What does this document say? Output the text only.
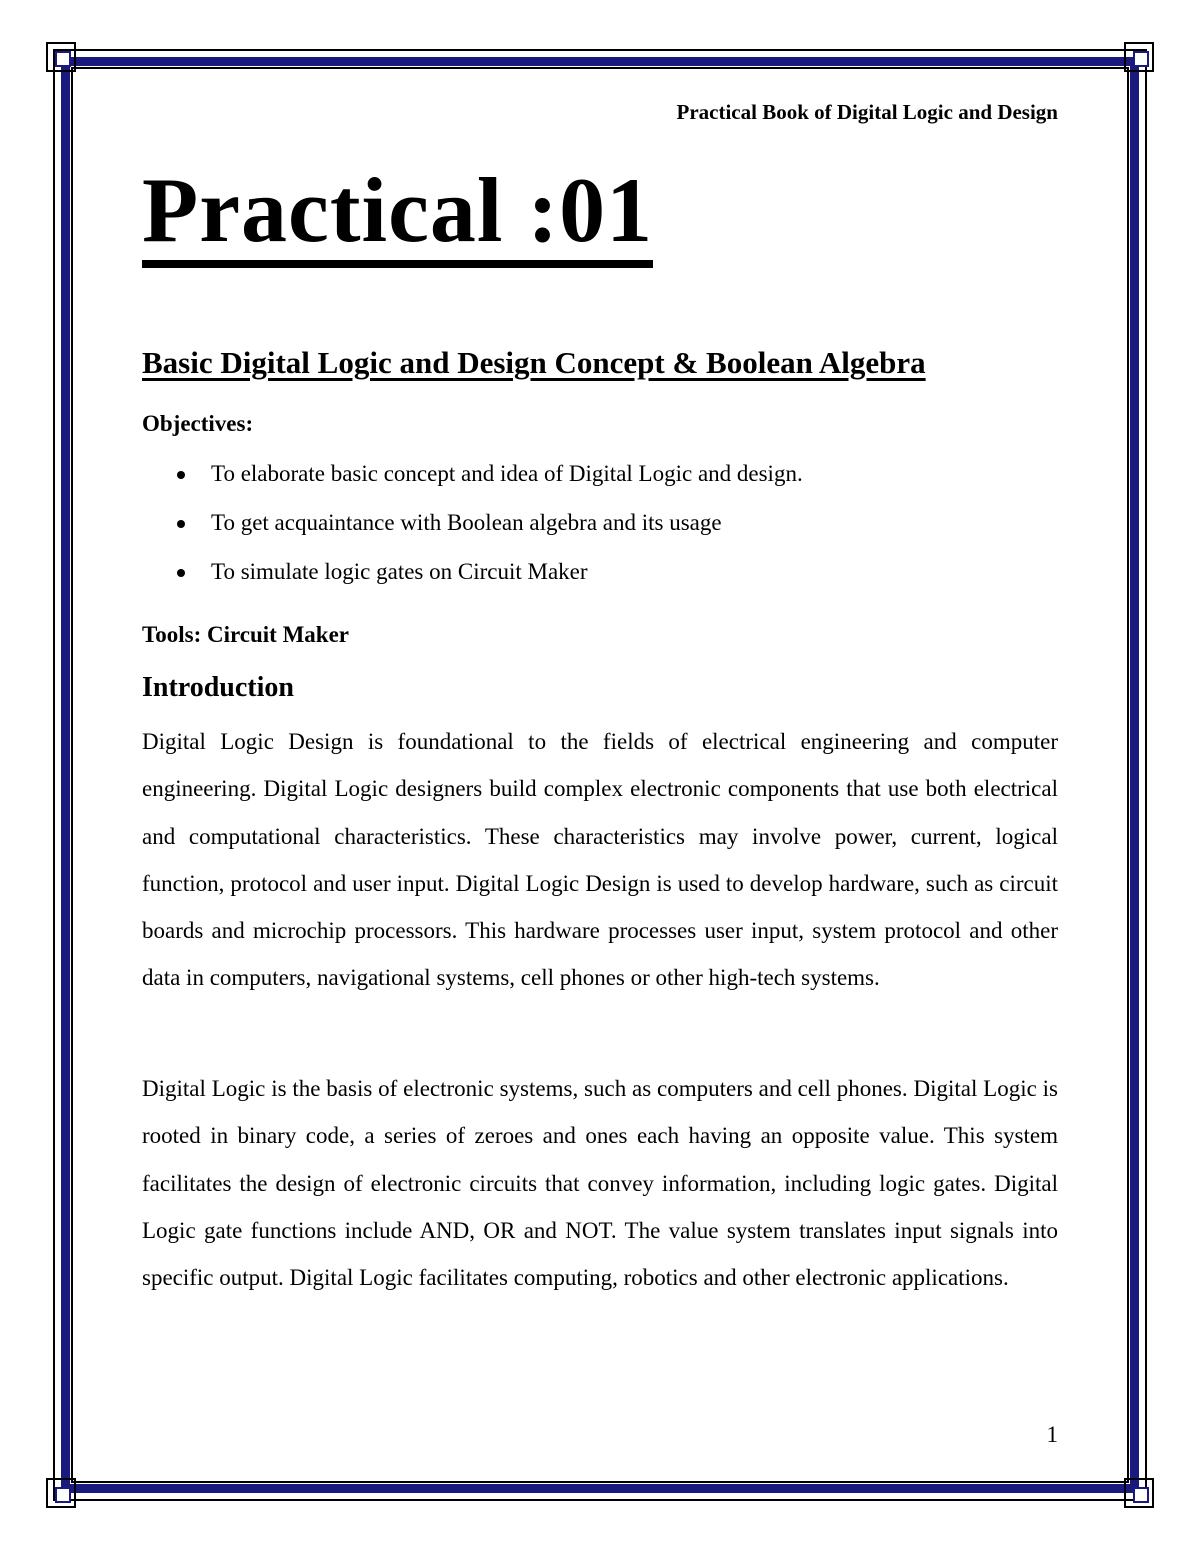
Practical Book of Digital Logic and Design
Practical :01
Basic Digital Logic and Design Concept & Boolean Algebra
Objectives:
To elaborate basic concept and idea of Digital Logic and design.
To get acquaintance with Boolean algebra and its usage
To simulate logic gates on Circuit Maker
Tools: Circuit Maker
Introduction

Digital Logic Design is foundational to the fields of electrical engineering and computer engineering. Digital Logic designers build complex electronic components that use both electrical and computational characteristics. These characteristics may involve power, current, logical function, protocol and user input. Digital Logic Design is used to develop hardware, such as circuit boards and microchip processors. This hardware processes user input, system protocol and other data in computers, navigational systems, cell phones or other high-tech systems.

Digital Logic is the basis of electronic systems, such as computers and cell phones. Digital Logic is rooted in binary code, a series of zeroes and ones each having an opposite value. This system facilitates the design of electronic circuits that convey information, including logic gates. Digital Logic gate functions include AND, OR and NOT. The value system translates input signals into specific output. Digital Logic facilitates computing, robotics and other electronic applications.

1
